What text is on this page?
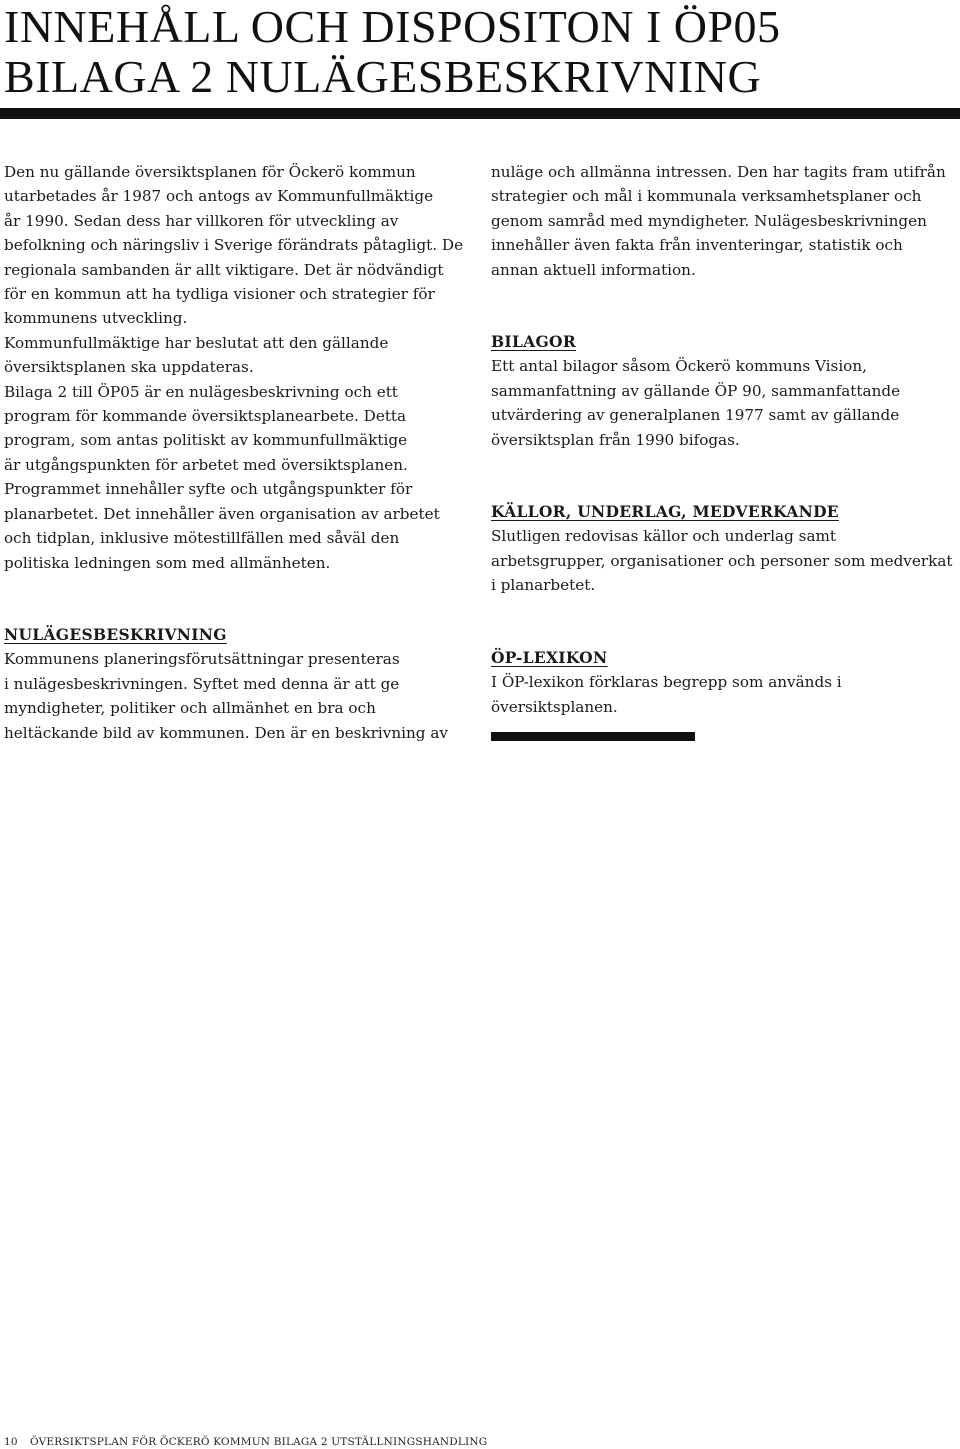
INNEHÅLL OCH DISPOSITON I ÖP05
BILAGA 2 NULÄGESBESKRIVNING

Den nu gällande översiktsplanen för Öckerö kommun
utarbetades år 1987 och antogs av Kommunfullmäktige
år 1990. Sedan dess har villkoren för utveckling av
befolkning och näringsliv i Sverige förändrats påtagligt. De
regionala sambanden är allt viktigare. Det är nödvändigt
för en kommun att ha tydliga visioner och strategier för
kommunens utveckling.
Kommunfullmäktige har beslutat att den gällande
översiktsplanen ska uppdateras.
Bilaga 2 till ÖP05 är en nulägesbeskrivning och ett
program för kommande översiktsplanearbete. Detta
program, som antas politiskt av kommunfullmäktige
är utgångspunkten för arbetet med översiktsplanen.
Programmet innehåller syfte och utgångspunkter för
planarbetet. Det innehåller även organisation av arbetet
och tidplan, inklusive mötestillfällen med såväl den
politiska ledningen som med allmänheten.

NULÄGESBESKRIVNING

Kommunens planeringsförutsättningar presenteras
i nulägesbeskrivningen. Syftet med denna är att ge
myndigheter, politiker och allmänhet en bra och
heltäckande bild av kommunen. Den är en beskrivning av

nuläge och allmänna intressen. Den har tagits fram utifrån
strategier och mål i kommunala verksamhetsplaner och
genom samråd med myndigheter. Nulägesbeskrivningen
innehåller även fakta från inventeringar, statistik och
annan aktuell information.

BILAGOR

Ett antal bilagor såsom Öckerö kommuns Vision,
sammanfattning av gällande ÖP 90, sammanfattande
utvärdering av generalplanen 1977 samt av gällande
översiktsplan från 1990 bifogas.

KÄLLOR, UNDERLAG, MEDVERKANDE

Slutligen redovisas källor och underlag samt
arbetsgrupper, organisationer och personer som medverkat
i planarbetet.

ÖP-LEXIKON

I ÖP-lexikon förklaras begrepp som används i
översiktsplanen.

10 ÖVERSIKTSPLAN FÖR ÖCKERÖ KOMMUN BILAGA 2 UTSTÄLLNINGSHANDLING
